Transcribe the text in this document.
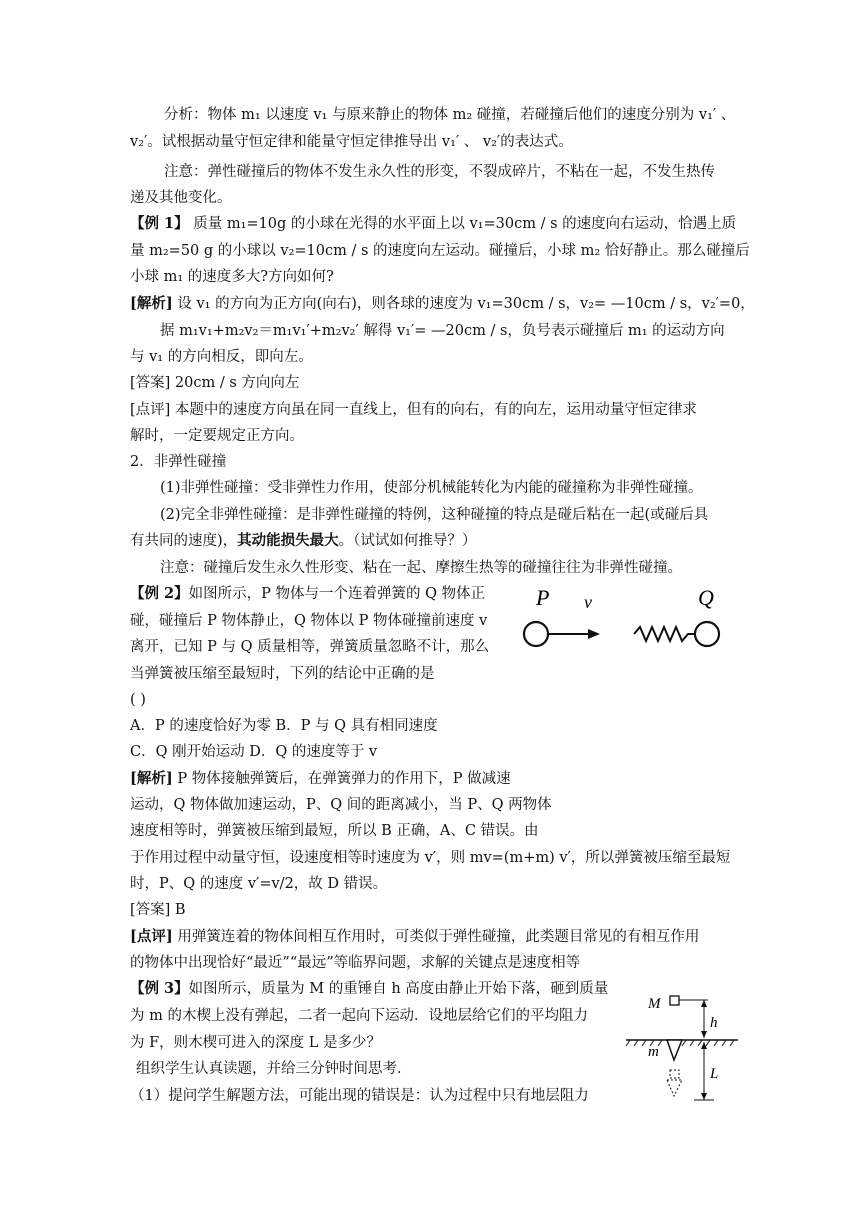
分析：物体 m₁ 以速度 v₁ 与原来静止的物体 m₂ 碰撞，若碰撞后他们的速度分别为 v₁′ 、
v₂′。试根据动量守恒定律和能量守恒定律推导出 v₁′ 、 v₂′的表达式。
注意：弹性碰撞后的物体不发生永久性的形变，不裂成碎片，不粘在一起，不发生热传
递及其他变化。
【例 1】 质量 m₁=10g 的小球在光得的水平面上以 v₁=30cm / s 的速度向右运动，恰遇上质
量 m₂=50 g 的小球以 v₂=10cm / s 的速度向左运动。碰撞后，小球 m₂ 恰好静止。那么碰撞后
小球 m₁ 的速度多大?方向如何?
[解析] 设 v₁ 的方向为正方向(向右)，则各球的速度为 v₁=30cm / s，v₂= —10cm / s，v₂′=0，
据 m₁v₁+m₂v₂＝m₁v₁′+m₂v₂′ 解得 v₁′= —20cm / s，负号表示碰撞后 m₁ 的运动方向
与 v₁ 的方向相反，即向左。
[答案] 20cm / s 方向向左
[点评] 本题中的速度方向虽在同一直线上，但有的向右，有的向左，运用动量守恒定律求
解时，一定要规定正方向。
2．非弹性碰撞
(1)非弹性碰撞：受非弹性力作用，使部分机械能转化为内能的碰撞称为非弹性碰撞。
(2)完全非弹性碰撞：是非弹性碰撞的特例，这种碰撞的特点是碰后粘在一起(或碰后具
有共同的速度)，其动能损失最大。（试试如何推导？）
注意：碰撞后发生永久性形变、粘在一起、摩擦生热等的碰撞往往为非弹性碰撞。
【例 2】如图所示，P 物体与一个连着弹簧的 Q 物体正
碰，碰撞后 P 物体静止，Q 物体以 P 物体碰撞前速度 v
离开，已知 P 与 Q 质量相等，弹簧质量忽略不计，那么
当弹簧被压缩至最短时，下列的结论中正确的是
( )
A．P 的速度恰好为零 B．P 与 Q 具有相同速度
C．Q 刚开始运动 D．Q 的速度等于 v
[解析] P 物体接触弹簧后，在弹簧弹力的作用下，P 做减速
运动，Q 物体做加速运动，P、Q 间的距离减小，当 P、Q 两物体
速度相等时，弹簧被压缩到最短，所以 B 正确，A、C 错误。由
于作用过程中动量守恒，设速度相等时速度为 v′，则 mv=(m+m) v′，所以弹簧被压缩至最短
时，P、Q 的速度 v′=v/2，故 D 错误。
[答案] B
[点评] 用弹簧连着的物体间相互作用时，可类似于弹性碰撞，此类题目常见的有相互作用
的物体中出现恰好“最近”“最远”等临界问题，求解的关键点是速度相等
【例 3】如图所示，质量为 M 的重锤自 h 高度由静止开始下落，砸到质量
为 m 的木楔上没有弹起，二者一起向下运动．设地层给它们的平均阻力
为 F，则木楔可进入的深度 L 是多少？
组织学生认真读题，并给三分钟时间思考．
（1）提问学生解题方法，可能出现的错误是：认为过程中只有地层阻力
P v	Q
M
h
m
L
